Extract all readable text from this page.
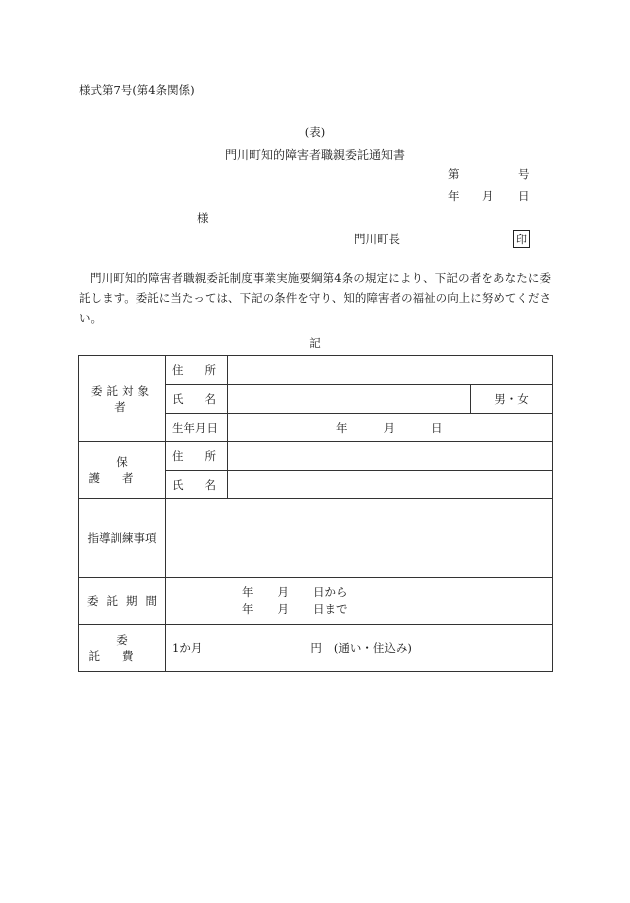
様式第7号(第4条関係)
(表)
門川町知的障害者職親委託通知書
第	号
年 月 日
様
門川町長	印
門川町知的障害者職親委託制度事業実施要綱第4条の規定により、下記の者をあなたに委託します。委託に当たっては、下記の条件を守り、知的障害者の福祉の向上に努めてください。
記
委託対象者	住 所		

	氏 名		男・女
	生年月日	年 月 日	
保護者	住 所		

	氏 名		

指導訓練事項			
委託期間	年 月 日から
年 月 日まで		

委託費	1か月 円 (通い・住込み)		
